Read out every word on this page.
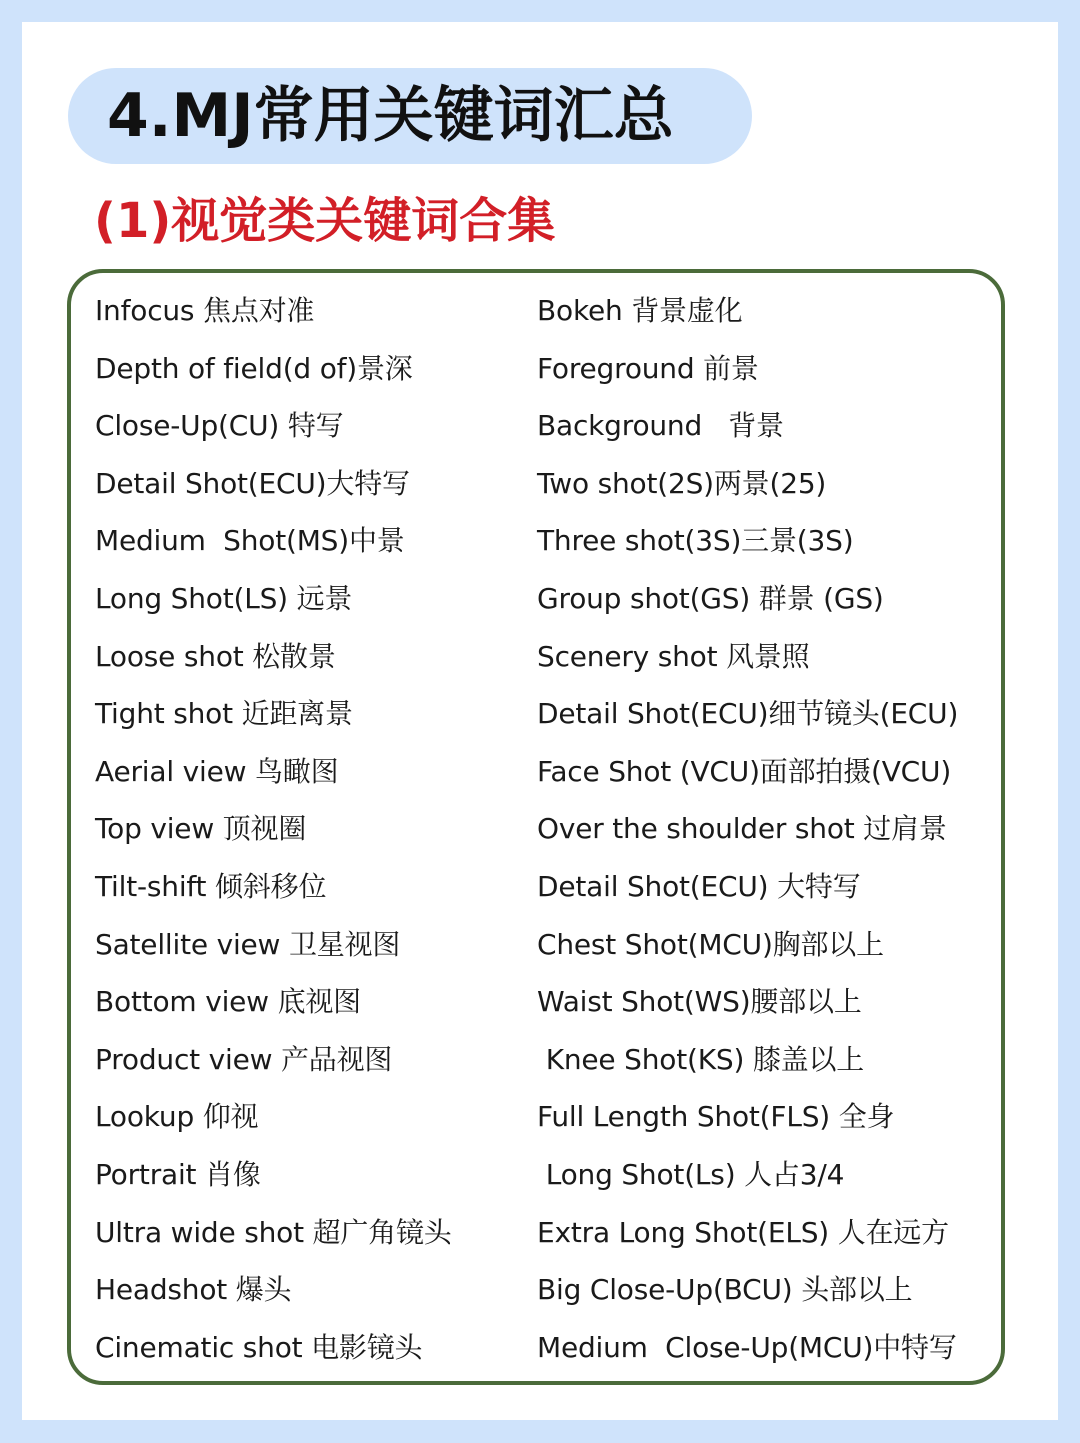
4.MJ常用关键词汇总
(1)视觉类关键词合集
Infocus 焦点对准
Depth of field(d of)景深
Close-Up(CU) 特写
Detail Shot(ECU)大特写
Medium  Shot(MS)中景
Long Shot(LS) 远景
Loose shot 松散景
Tight shot 近距离景
Aerial view 鸟瞰图
Top view 顶视圈
Tilt-shift 倾斜移位
Satellite view 卫星视图
Bottom view 底视图
Product view 产品视图
Lookup 仰视
Portrait 肖像
Ultra wide shot 超广角镜头
Headshot 爆头
Cinematic shot 电影镜头
Bokeh 背景虚化
Foreground 前景
Background   背景
Two shot(2S)两景(25)
Three shot(3S)三景(3S)
Group shot(GS) 群景 (GS)
Scenery shot 风景照
Detail Shot(ECU)细节镜头(ECU)
Face Shot (VCU)面部拍摄(VCU)
Over the shoulder shot 过肩景
Detail Shot(ECU) 大特写
Chest Shot(MCU)胸部以上
Waist Shot(WS)腰部以上
Knee Shot(KS) 膝盖以上
Full Length Shot(FLS) 全身
Long Shot(Ls) 人占3/4
Extra Long Shot(ELS) 人在远方
Big Close-Up(BCU) 头部以上
Medium  Close-Up(MCU)中特写
